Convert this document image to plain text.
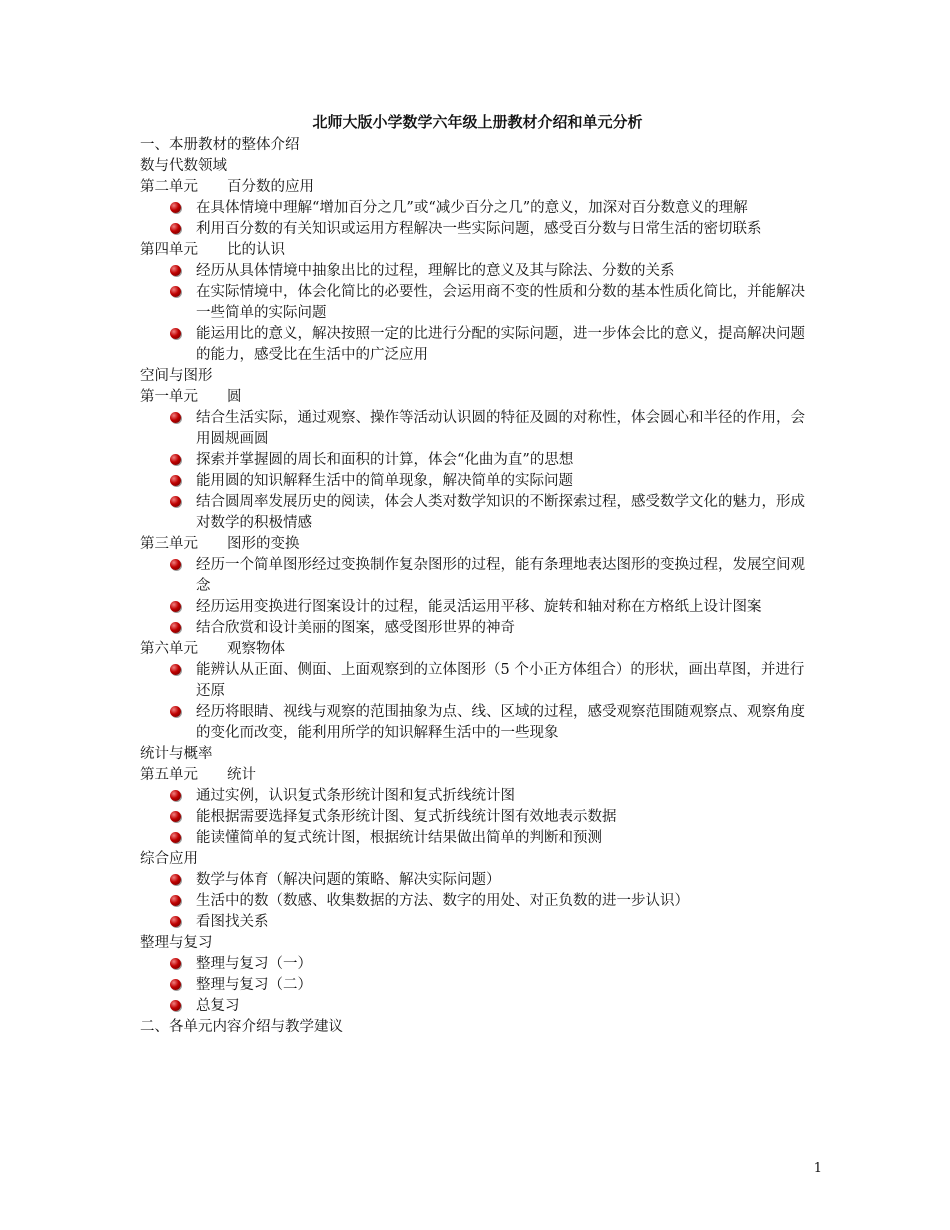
北师大版小学数学六年级上册教材介绍和单元分析
一、本册教材的整体介绍
数与代数领域
第二单元　　百分数的应用
在具体情境中理解“增加百分之几”或“减少百分之几”的意义，加深对百分数意义的理解
利用百分数的有关知识或运用方程解决一些实际问题，感受百分数与日常生活的密切联系
第四单元　　比的认识
经历从具体情境中抽象出比的过程，理解比的意义及其与除法、分数的关系
在实际情境中，体会化简比的必要性，会运用商不变的性质和分数的基本性质化简比，并能解决一些简单的实际问题
能运用比的意义，解决按照一定的比进行分配的实际问题，进一步体会比的意义，提高解决问题的能力，感受比在生活中的广泛应用
空间与图形
第一单元　　圆
结合生活实际，通过观察、操作等活动认识圆的特征及圆的对称性，体会圆心和半径的作用，会用圆规画圆
探索并掌握圆的周长和面积的计算，体会“化曲为直”的思想
能用圆的知识解释生活中的简单现象，解决简单的实际问题
结合圆周率发展历史的阅读，体会人类对数学知识的不断探索过程，感受数学文化的魅力，形成对数学的积极情感
第三单元　　图形的变换
经历一个简单图形经过变换制作复杂图形的过程，能有条理地表达图形的变换过程，发展空间观念
经历运用变换进行图案设计的过程，能灵活运用平移、旋转和轴对称在方格纸上设计图案
结合欣赏和设计美丽的图案，感受图形世界的神奇
第六单元　　观察物体
能辨认从正面、侧面、上面观察到的立体图形（5 个小正方体组合）的形状，画出草图，并进行还原
经历将眼睛、视线与观察的范围抽象为点、线、区域的过程，感受观察范围随观察点、观察角度的变化而改变，能利用所学的知识解释生活中的一些现象
统计与概率
第五单元　　统计
通过实例，认识复式条形统计图和复式折线统计图
能根据需要选择复式条形统计图、复式折线统计图有效地表示数据
能读懂简单的复式统计图，根据统计结果做出简单的判断和预测
综合应用
数学与体育（解决问题的策略、解决实际问题）
生活中的数（数感、收集数据的方法、数字的用处、对正负数的进一步认识）
看图找关系
整理与复习
整理与复习（一）
整理与复习（二）
总复习
二、各单元内容介绍与教学建议
1
